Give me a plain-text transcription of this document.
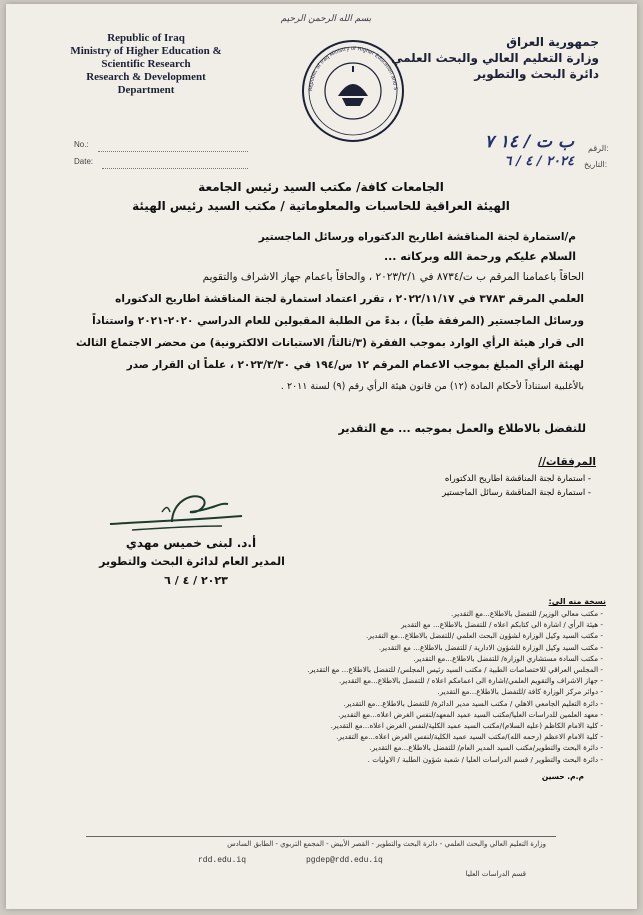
بسم الله الرحمن الرحيم
Republic of Iraq
Ministry of Higher Education &
Scientific Research
Research & Development
Department
جمهورية العراق
وزارة التعليم العالي والبحث العلمي
دائرة البحث والتطوير
Republic of Iraq Ministry of Higher Education and S
No.:
Date:
الرقم:
التاريخ:
ب ت / ١٤ ٧
٢٠٢٤ / ٤ / ٦
الجامعات كافة/ مكتب السيد رئيس الجامعة
الهيئة العراقية للحاسبات والمعلوماتية / مكتب السيد رئيس الهيئة
م/استمارة لجنة المناقشة اطاريح الدكتوراه ورسائل الماجستير
السلام عليكم ورحمة الله وبركاته ...
الحاقاً باعمامنا المرقم ب ت/٨٧٣٤ في ٢٠٢٣/٢/١ ، والحاقاً باعمام جهاز الاشراف والتقويم
العلمي المرقم ٣٧٨٣ في ٢٠٢٢/١١/١٧ ، تقرر اعتماد استمارة لجنة المناقشة اطاريح الدكتوراه
ورسائل الماجستير (المرفقة طياً) ، بدءً من الطلبة المقبولين للعام الدراسي ٢٠٢٠-٢٠٢١ واستناداً
الى قرار هيئة الرأي الوارد بموجب الفقرة (٣/ثالثاً/ الاستبانات الالكترونية) من محضر الاجتماع الثالث
لهيئة الرأي المبلغ بموجب الاعمام المرقم ١٢ س/١٩٤ في ٢٠٢٣/٣/٣٠ ، علماً ان القرار صدر
بالأغلبية استناداً لأحكام المادة (١٢) من قانون هيئة الرأي رقم (٩) لسنة ٢٠١١ .
للتفضل بالاطلاع والعمل بموجبه ... مع التقدير
المرفقات//
- استمارة لجنة المناقشة اطاريح الدكتوراه
- استمارة لجنة المناقشة رسائل الماجستير
أ.د. لبنى خميس مهدي
المدير العام لدائرة البحث والتطوير
٢٠٢٣ / ٤ / ٦
نسخة منه الى:
- مكتب معالي الوزير/ للتفضل بالاطلاع...مع التقدير.
- هيئة الرأي / اشارة الى كتابكم اعلاه / للتفضل بالاطلاع... مع التقدير
- مكتب السيد وكيل الوزارة لشؤون البحث العلمي /للتفضل بالاطلاع...مع التقدير.
- مكتب السيد وكيل الوزارة للشؤون الادارية / للتفضل بالاطلاع... مع التقدير.
- مكتب السادة مستشاري الوزارة/ للتفضل بالاطلاع...مع التقدير.
- المجلس العراقي للاختصاصات الطبية / مكتب السيد رئيس المجلس/ للتفضل بالاطلاع... مع التقدير.
- جهاز الاشراف والتقويم العلمي/اشارة الى اعمامكم اعلاه / للتفضل بالاطلاع...مع التقدير.
- دوائر مركز الوزارة كافة /للتفضل بالاطلاع...مع التقدير.
- دائرة التعليم الجامعي الاهلي / مكتب السيد مدير الدائرة/ للتفضل بالاطلاع...مع التقدير.
- معهد العلمين للدراسات العليا/مكتب السيد عميد المعهد/لنفس الغرض اعلاه...مع التقدير.
- كلية الامام الكاظم (عليه السلام)/مكتب السيد عميد الكلية/لنفس الغرض اعلاه...مع التقدير.
- كلية الامام الاعظم (رحمه الله)/مكتب السيد عميد الكلية/لنفس الغرض اعلاه...مع التقدير.
- دائرة البحث والتطوير/مكتب السيد المدير العام/ للتفضل بالاطلاع...مع التقدير.
- دائرة البحث والتطوير / قسم الدراسات العليا / شعبة شؤون الطلبة / الاوليات .
م.م. حسين
وزارة التعليم العالي والبحث العلمي - دائرة البحث والتطوير - القصر الأبيض - المجمع التربوي - الطابق السادس
rdd.edu.iq	pgdep@rdd.edu.iq
قسم الدراسات العليا
